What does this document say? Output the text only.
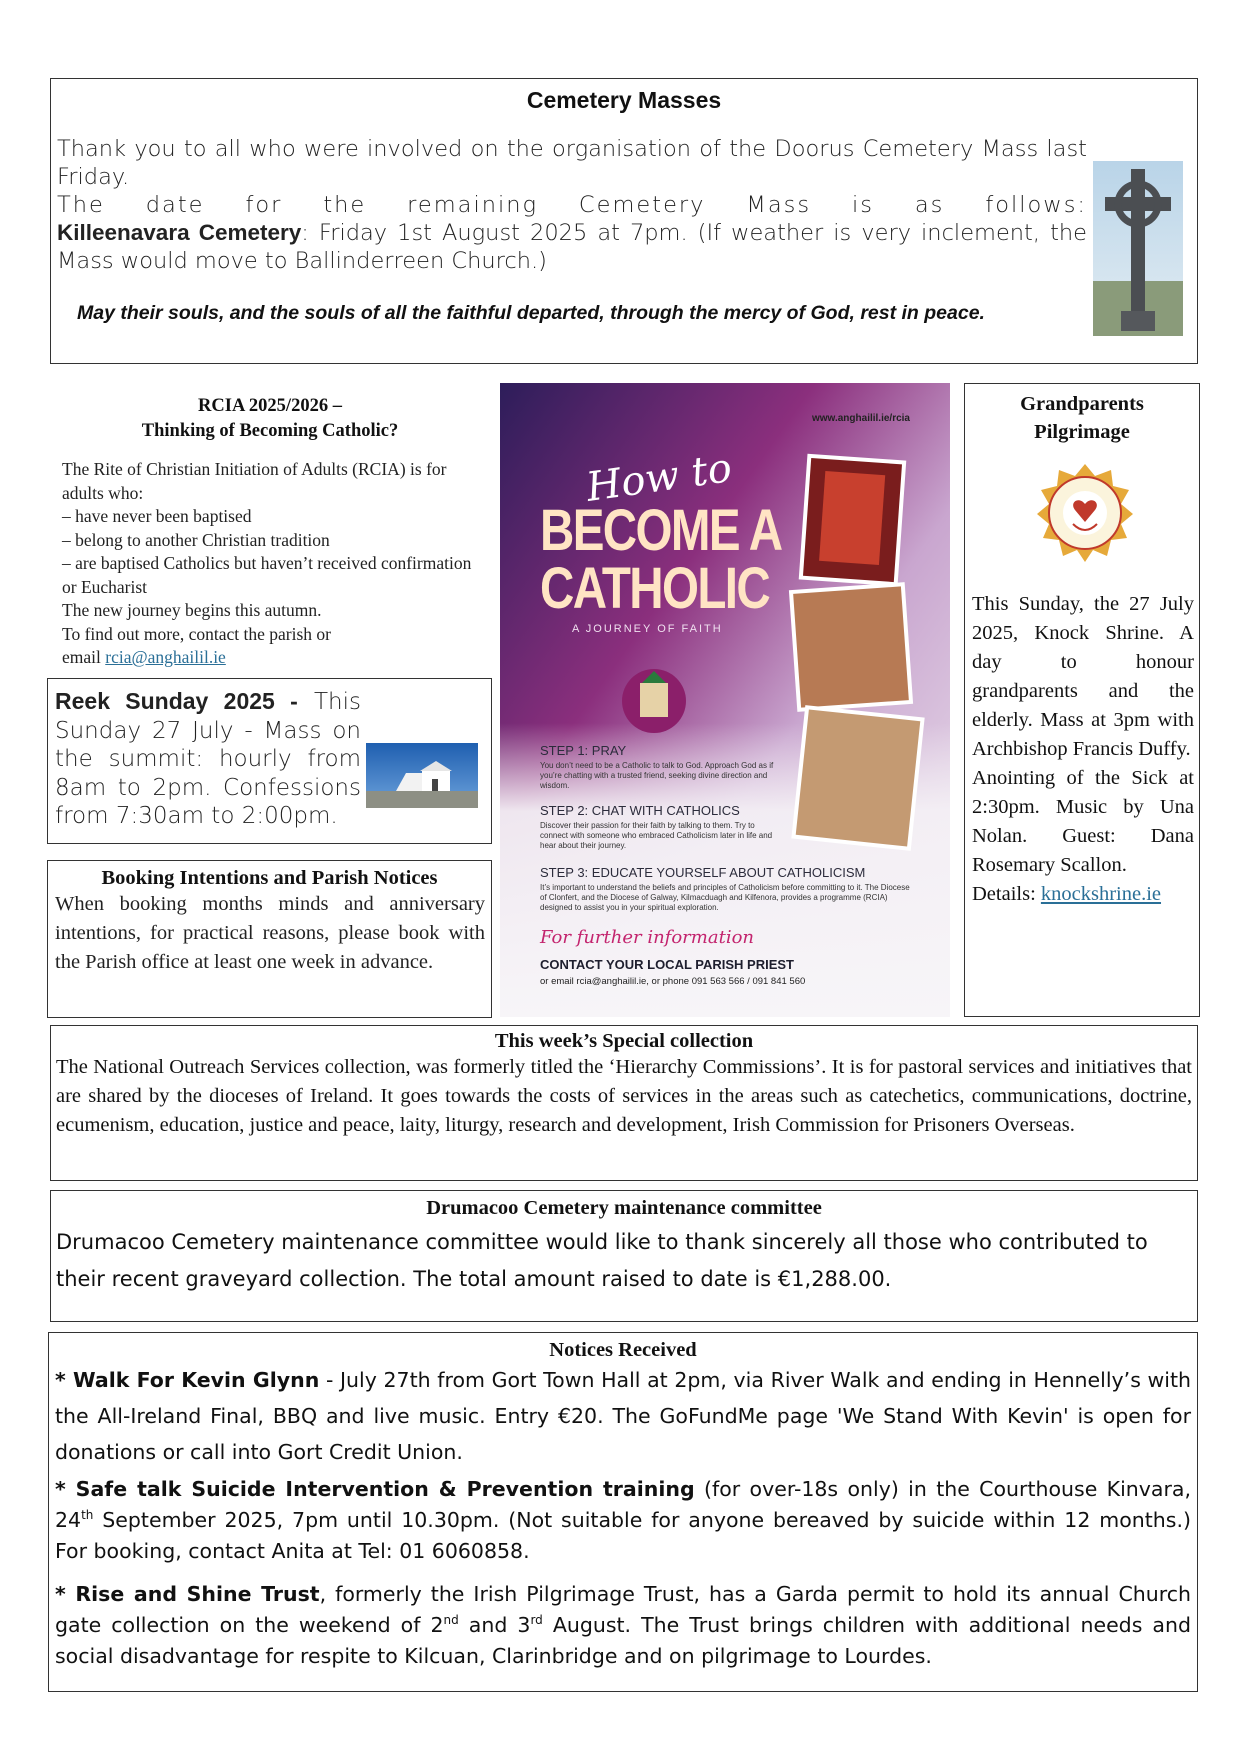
Cemetery Masses

Thank you to all who were involved on the organisation of the Doorus Cemetery Mass last Friday.

The date for the remaining Cemetery Mass is as follows:

Killeenavara Cemetery: Friday 1st August 2025 at 7pm. (If weather is very inclement, the Mass would move to Ballinderreen Church.)

May their souls, and the souls of all the faithful departed, through the mercy of God, rest in peace.
RCIA 2025/2026 –
Thinking of Becoming Catholic?
The Rite of Christian Initiation of Adults (RCIA) is for adults who:
– have never been baptised
– belong to another Christian tradition
– are baptised Catholics but haven’t received confirmation or Eucharist
The new journey begins this autumn.
To find out more, contact the parish or
email rcia@anghailil.ie
Reek Sunday 2025 - This Sunday 27 July - Mass on the summit: hourly from 8am to 2pm. Confessions from 7:30am to 2:00pm.
Booking Intentions and Parish Notices
When booking months minds and anniversary intentions, for practical reasons, please book with the Parish office at least one week in advance.
www.anghailil.ie/rcia
How to
BECOME A
CATHOLIC
A JOURNEY OF FAITH
STEP 1: PRAY
You don’t need to be a Catholic to talk to God. Approach God as if you’re chatting with a trusted friend, seeking divine direction and wisdom.
STEP 2: CHAT WITH CATHOLICS
Discover their passion for their faith by talking to them. Try to connect with someone who embraced Catholicism later in life and hear about their journey.
STEP 3: EDUCATE YOURSELF ABOUT CATHOLICISM
It’s important to understand the beliefs and principles of Catholicism before committing to it. The Diocese of Clonfert, and the Diocese of Galway, Kilmacduagh and Kilfenora, provides a programme (RCIA) designed to assist you in your spiritual exploration.
For further information
CONTACT YOUR LOCAL PARISH PRIEST
or email rcia@anghailil.ie, or phone 091 563 566 / 091 841 560
Grandparents
Pilgrimage
This Sunday, the 27 July 2025, Knock Shrine. A day to honour grandparents and the elderly. Mass at 3pm with Archbishop Francis Duffy.
Anointing of the Sick at 2:30pm. Music by Una Nolan. Guest: Dana Rosemary Scallon.
Details: knockshrine.ie
This week’s Special collection
The National Outreach Services collection, was formerly titled the ‘Hierarchy Commissions’. It is for pastoral services and initiatives that are shared by the dioceses of Ireland. It goes towards the costs of services in the areas such as catechetics, communications, doctrine, ecumenism, education, justice and peace, laity, liturgy, research and development, Irish Commission for Prisoners Overseas.
Drumacoo Cemetery maintenance committee
Drumacoo Cemetery maintenance committee would like to thank sincerely all those who contributed to their recent graveyard collection. The total amount raised to date is €1,288.00.
Notices Received
* Walk For Kevin Glynn - July 27th from Gort Town Hall at 2pm, via River Walk and ending in Hennelly’s with the All-Ireland Final, BBQ and live music. Entry €20. The GoFundMe page 'We Stand With Kevin' is open for donations or call into Gort Credit Union.
* Safe talk Suicide Intervention & Prevention training (for over-18s only) in the Courthouse Kinvara, 24th September 2025, 7pm until 10.30pm. (Not suitable for anyone bereaved by suicide within 12 months.) For booking, contact Anita at Tel: 01 6060858.
* Rise and Shine Trust, formerly the Irish Pilgrimage Trust, has a Garda permit to hold its annual Church gate collection on the weekend of 2nd and 3rd August. The Trust brings children with additional needs and social disadvantage for respite to Kilcuan, Clarinbridge and on pilgrimage to Lourdes.
